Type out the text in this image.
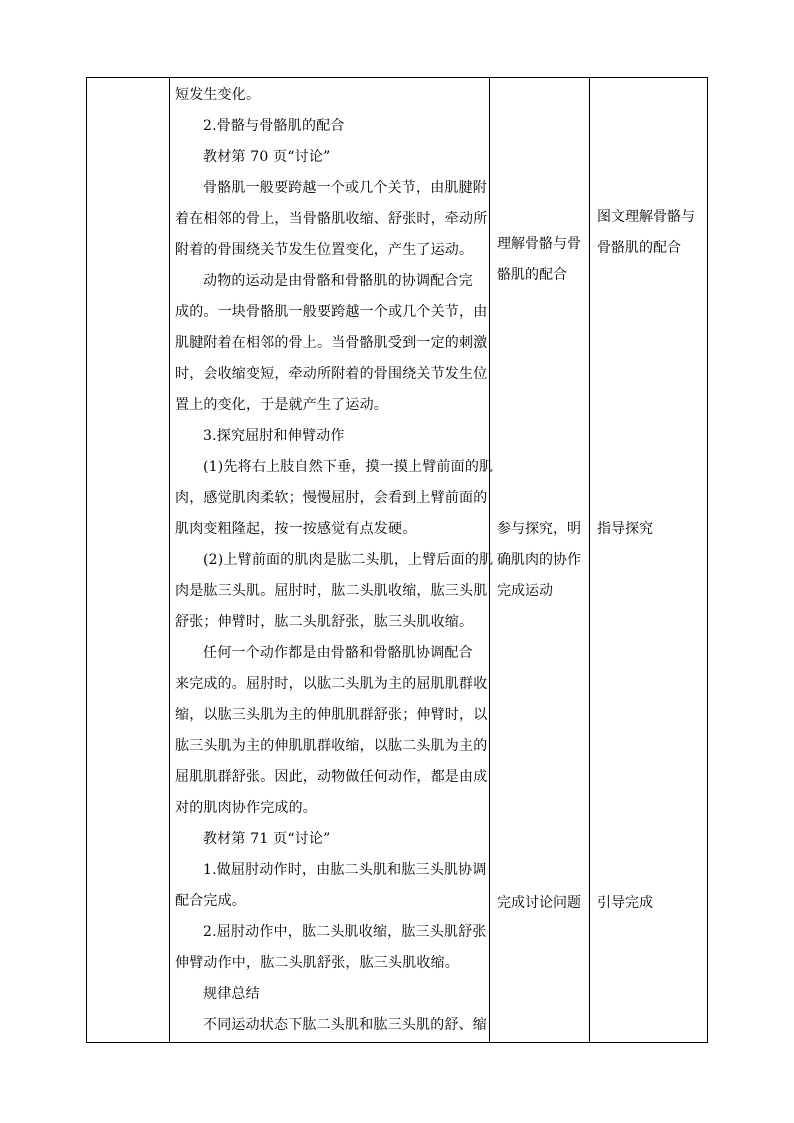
短发生变化。
2.骨骼与骨骼肌的配合
教材第 70 页“讨论”
骨骼肌一般要跨越一个或几个关节，由肌腱附
着在相邻的骨上，当骨骼肌收缩、舒张时，牵动所
附着的骨围绕关节发生位置变化，产生了运动。
动物的运动是由骨骼和骨骼肌的协调配合完
成的。一块骨骼肌一般要跨越一个或几个关节，由
肌腱附着在相邻的骨上。当骨骼肌受到一定的刺激
时，会收缩变短，牵动所附着的骨围绕关节发生位
置上的变化，于是就产生了运动。
3.探究屈肘和伸臂动作
(1)先将右上肢自然下垂，摸一摸上臂前面的肌
肉，感觉肌肉柔软；慢慢屈肘，会看到上臂前面的
肌肉变粗隆起，按一按感觉有点发硬。
(2)上臂前面的肌肉是肱二头肌，上臂后面的肌
肉是肱三头肌。屈肘时，肱二头肌收缩，肱三头肌
舒张；伸臂时，肱二头肌舒张，肱三头肌收缩。
任何一个动作都是由骨骼和骨骼肌协调配合
来完成的。屈肘时，以肱二头肌为主的屈肌肌群收
缩，以肱三头肌为主的伸肌肌群舒张；伸臂时，以
肱三头肌为主的伸肌肌群收缩，以肱二头肌为主的
屈肌肌群舒张。因此，动物做任何动作，都是由成
对的肌肉协作完成的。
教材第 71 页“讨论”
1.做屈肘动作时，由肱二头肌和肱三头肌协调
配合完成。
2.屈肘动作中，肱二头肌收缩，肱三头肌舒张
伸臂动作中，肱二头肌舒张，肱三头肌收缩。
规律总结
不同运动状态下肱二头肌和肱三头肌的舒、缩
理解骨骼与骨
骼肌的配合
参与探究，明
确肌肉的协作
完成运动
完成讨论问题
图文理解骨骼与
骨骼肌的配合
指导探究
引导完成
